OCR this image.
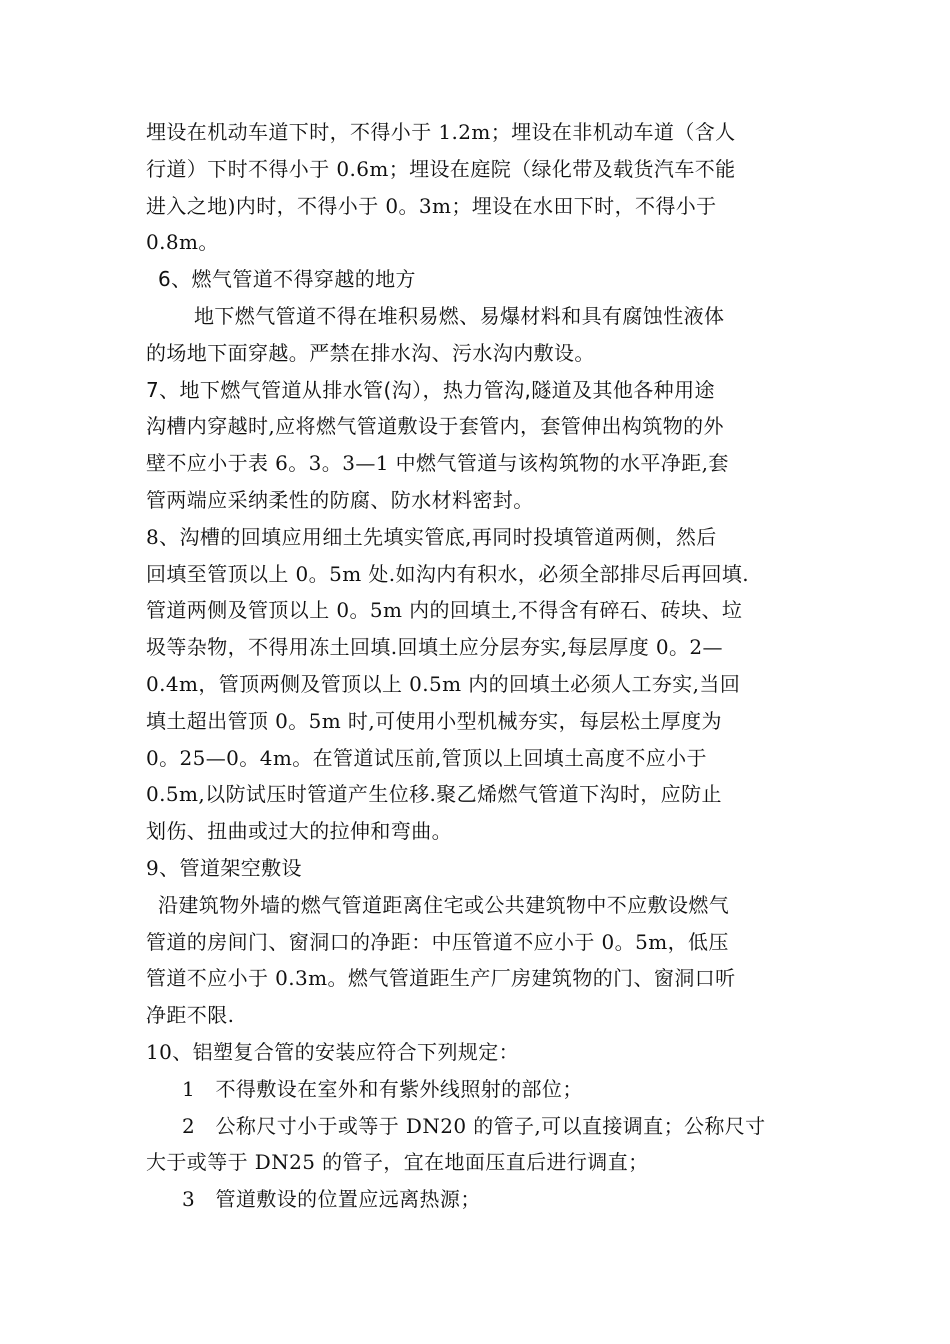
埋设在机动车道下时，不得小于 1.2m；埋设在非机动车道（含人
行道）下时不得小于 0.6m；埋设在庭院（绿化带及载货汽车不能
进入之地)内时，不得小于 0。3m；埋设在水田下时，不得小于
0.8m。
6、燃气管道不得穿越的地方
地下燃气管道不得在堆积易燃、易爆材料和具有腐蚀性液体
的场地下面穿越。严禁在排水沟、污水沟内敷设。
7、地下燃气管道从排水管(沟），热力管沟,隧道及其他各种用途
沟槽内穿越时,应将燃气管道敷设于套管内，套管伸出构筑物的外
壁不应小于表 6。3。3—1 中燃气管道与该构筑物的水平净距,套
管两端应采纳柔性的防腐、防水材料密封。
8、沟槽的回填应用细土先填实管底,再同时投填管道两侧，然后
回填至管顶以上 0。5m 处.如沟内有积水，必须全部排尽后再回填.
管道两侧及管顶以上 0。5m 内的回填土,不得含有碎石、砖块、垃
圾等杂物，不得用冻土回填.回填土应分层夯实,每层厚度 0。2—
0.4m，管顶两侧及管顶以上 0.5m 内的回填土必须人工夯实,当回
填土超出管顶 0。5m 时,可使用小型机械夯实，每层松土厚度为
0。25—0。4m。在管道试压前,管顶以上回填土高度不应小于
0.5m,以防试压时管道产生位移.聚乙烯燃气管道下沟时，应防止
划伤、扭曲或过大的拉伸和弯曲。
9、管道架空敷设
沿建筑物外墙的燃气管道距离住宅或公共建筑物中不应敷设燃气
管道的房间门、窗洞口的净距：中压管道不应小于 0。5m，低压
管道不应小于 0.3m。燃气管道距生产厂房建筑物的门、窗洞口听
净距不限.
10、铝塑复合管的安装应符合下列规定：
1　不得敷设在室外和有紫外线照射的部位；
2　公称尺寸小于或等于 DN20 的管子,可以直接调直；公称尺寸
大于或等于 DN25 的管子，宜在地面压直后进行调直；
3　管道敷设的位置应远离热源；
